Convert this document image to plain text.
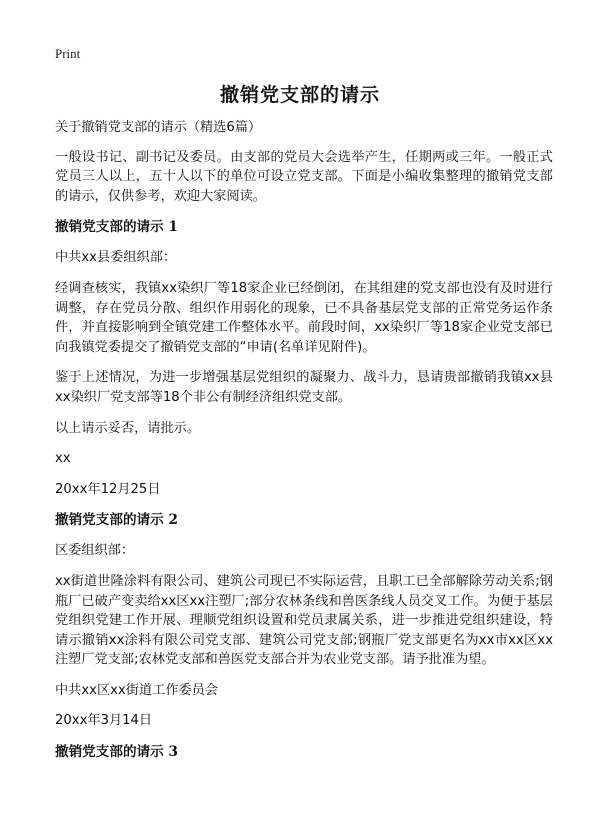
Print
撤销党支部的请示
关于撤销党支部的请示（精选6篇）
一般设书记、副书记及委员。由支部的党员大会选举产生，任期两或三年。一般正式党员三人以上，五十人以下的单位可设立党支部。下面是小编收集整理的撤销党支部的请示，仅供参考，欢迎大家阅读。
撤销党支部的请示 1
中共xx县委组织部：
经调查核实，我镇xx染织厂等18家企业已经倒闭，在其组建的党支部也没有及时进行调整，存在党员分散、组织作用弱化的现象，已不具备基层党支部的正常党务运作条件，并直接影响到全镇党建工作整体水平。前段时间，xx染织厂等18家企业党支部已向我镇党委提交了撤销党支部的“申请(名单详见附件)。
鉴于上述情况，为进一步增强基层党组织的凝聚力、战斗力，恳请贵部撤销我镇xx县xx染织厂党支部等18个非公有制经济组织党支部。
以上请示妥否，请批示。
xx
20xx年12月25日
撤销党支部的请示 2
区委组织部：
xx街道世隆涂料有限公司、建筑公司现已不实际运营，且职工已全部解除劳动关系;钢瓶厂已破产变卖给xx区xx注塑厂;部分农林条线和兽医条线人员交叉工作。为便于基层党组织党建工作开展、理顺党组织设置和党员隶属关系，进一步推进党组织建设，特请示撤销xx涂料有限公司党支部、建筑公司党支部;钢瓶厂党支部更名为xx市xx区xx注塑厂党支部;农林党支部和兽医党支部合并为农业党支部。请予批准为望。
中共xx区xx街道工作委员会
20xx年3月14日
撤销党支部的请示 3
